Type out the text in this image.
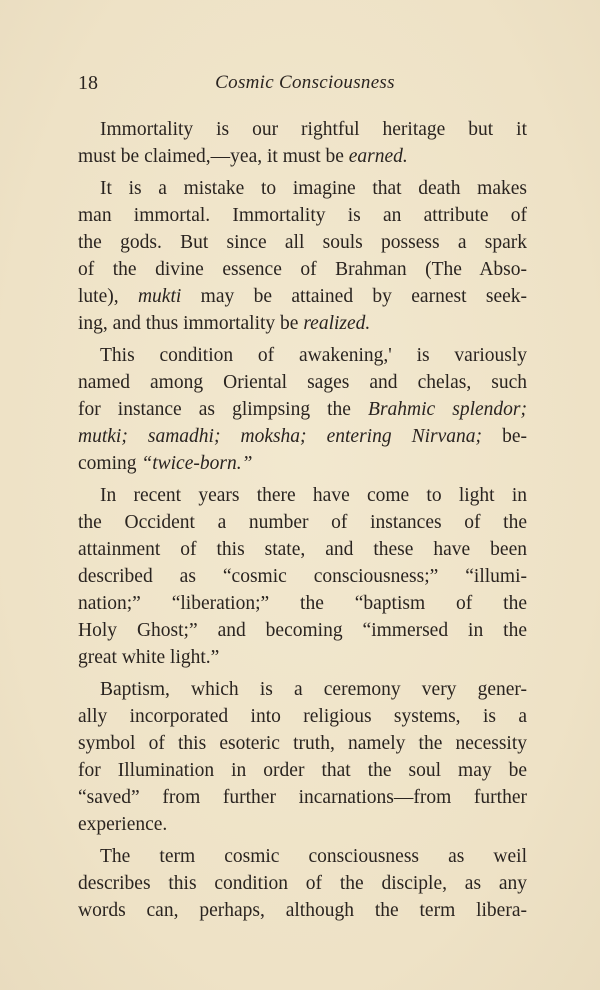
18	Cosmic Consciousness
Immortality is our rightful heritage but it
must be claimed,—yea, it must be earned.
It is a mistake to imagine that death makes
man immortal. Immortality is an attribute of
the gods. But since all souls possess a spark
of the divine essence of Brahman (The Abso-
lute), mukti may be attained by earnest seek-
ing, and thus immortality be realized.
This condition of awakening,' is variously
named among Oriental sages and chelas, such
for instance as glimpsing the Brahmic splendor;
mutki; samadhi; moksha; entering Nirvana; be-
coming “twice-born.”
In recent years there have come to light in
the Occident a number of instances of the
attainment of this state, and these have been
described as “cosmic consciousness;” “illumi-
nation;” “liberation;” the “baptism of the
Holy Ghost;” and becoming “immersed in the
great white light.”
Baptism, which is a ceremony very gener-
ally incorporated into religious systems, is a
symbol of this esoteric truth, namely the necessity
for Illumination in order that the soul may be
“saved” from further incarnations—from further
experience.
The term cosmic consciousness as weil
describes this condition of the disciple, as any
words can, perhaps, although the term libera-
